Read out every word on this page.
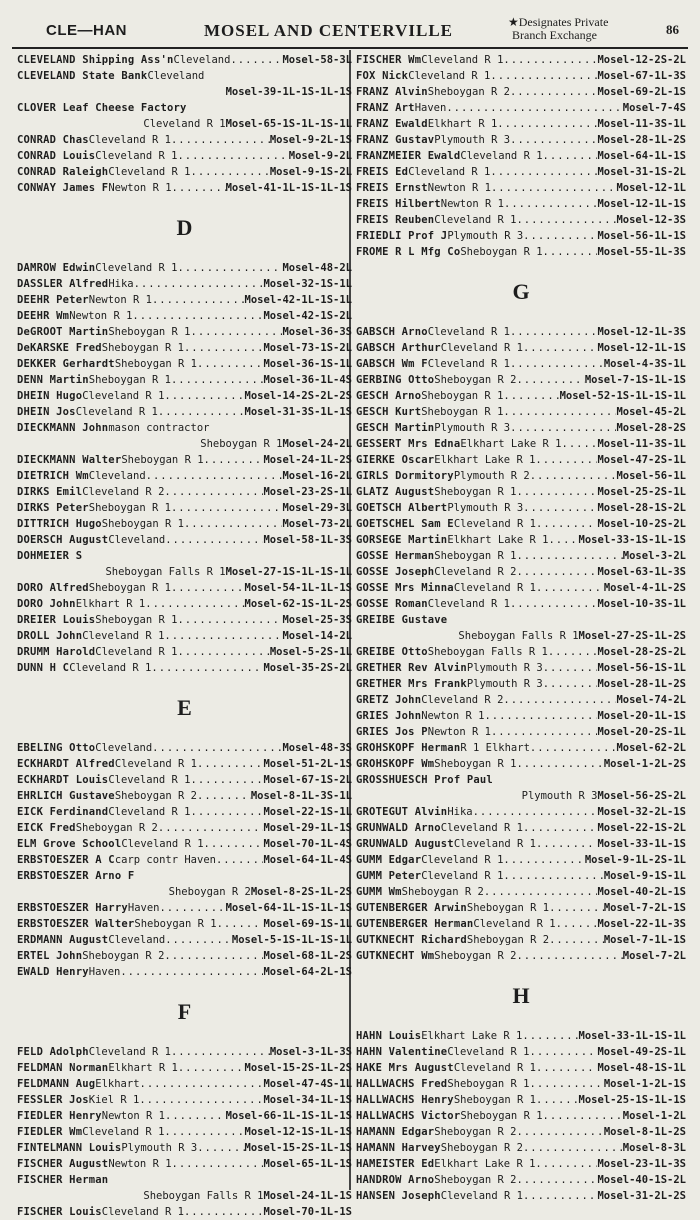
CLE—HAN	MOSEL AND CENTERVILLE	★Designates Private
Branch Exchange	86
CLEVELAND Shipping Ass'n Cleveland .....	Mosel-58-3L
CLEVELAND State Bank Cleveland
Mosel-39-1L-1S-1L-1S
CLOVER Leaf Cheese Factory
Cleveland R 1 Mosel-65-1S-1L-1S-1L
CONRAD Chas Cleveland R 1 .....	Mosel-9-2L-1S
CONRAD Louis Cleveland R 1 .....	Mosel-9-2L
CONRAD Raleigh Cleveland R 1 .....	Mosel-9-1S-2L
CONWAY James F Newton R 1 .....	Mosel-41-1L-1S-1L-1S
D
DAMROW Edwin Cleveland R 1 .....	Mosel-48-2L
DASSLER Alfred Hika .....	Mosel-32-1S-1L
DEEHR Peter Newton R 1 .....	Mosel-42-1L-1S-1L
DEEHR Wm Newton R 1 .....	Mosel-42-1S-2L
DeGROOT Martin Sheboygan R 1 .....	Mosel-36-3S
DeKARSKE Fred Sheboygan R 1 .....	Mosel-73-1S-2L
DEKKER Gerhardt Sheboygan R 1 .....	Mosel-36-1S-1L
DENN Martin Sheboygan R 1 .....	Mosel-36-1L-4S
DHEIN Hugo Cleveland R 1 .....	Mosel-14-2S-2L-2S
DHEIN Jos Cleveland R 1 .....	Mosel-31-3S-1L-1S
DIECKMANN John mason contractor
Sheboygan R 1 Mosel-24-2L
DIECKMANN Walter Sheboygan R 1 .....	Mosel-24-1L-2S
DIETRICH Wm Cleveland .....	Mosel-16-2L
DIRKS Emil Cleveland R 2 .....	Mosel-23-2S-1L
DIRKS Peter Sheboygan R 1 .....	Mosel-29-3L
DITTRICH Hugo Sheboygan R 1 .....	Mosel-73-2L
DOERSCH August Cleveland .....	Mosel-58-1L-3S
DOHMEIER S
Sheboygan Falls R 1 Mosel-27-1S-1L-1S-1L
DORO Alfred Sheboygan R 1 .....	Mosel-54-1L-1L-1S
DORO John Elkhart R 1 .....	Mosel-62-1S-1L-2S
DREIER Louis Sheboygan R 1 .....	Mosel-25-3S
DROLL John Cleveland R 1 .....	Mosel-14-2L
DRUMM Harold Cleveland R 1 .....	Mosel-5-2S-1L
DUNN H C Cleveland R 1 .....	Mosel-35-2S-2L
E
EBELING Otto Cleveland .....	Mosel-48-3S
ECKHARDT Alfred Cleveland R 1 .....	Mosel-51-2L-1S
ECKHARDT Louis Cleveland R 1 .....	Mosel-67-1S-2L
EHRLICH Gustave Sheboygan R 2 .....	Mosel-8-1L-3S-1L
EICK Ferdinand Cleveland R 1 .....	Mosel-22-1S-1L
EICK Fred Sheboygan R 2 .....	Mosel-29-1L-1S
ELM Grove School Cleveland R 1 .....	Mosel-70-1L-4S
ERBSTOESZER A C carp contr Haven .....	Mosel-64-1L-4S
ERBSTOESZER Arno F
Sheboygan R 2 Mosel-8-2S-1L-2S
ERBSTOESZER Harry Haven .....	Mosel-64-1L-1S-1L-1S
ERBSTOESZER Walter Sheboygan R 1 .....	Mosel-69-1S-1L
ERDMANN August Cleveland .....	Mosel-5-1S-1L-1S-1L
ERTEL John Sheboygan R 2 .....	Mosel-68-1L-2S
EWALD Henry Haven .....	Mosel-64-2L-1S
F
FELD Adolph Cleveland R 1 .....	Mosel-3-1L-3S
FELDMAN Norman Elkhart R 1 .....	Mosel-15-2S-1L-2S
FELDMANN Aug Elkhart .....	Mosel-47-4S-1L
FESSLER Jos Kiel R 1 .....	Mosel-34-1L-1S
FIEDLER Henry Newton R 1 .....	Mosel-66-1L-1S-1L-1S
FIEDLER Wm Cleveland R 1 .....	Mosel-12-1S-1L-1S
FINTELMANN Louis Plymouth R 3 .....	Mosel-15-2S-1L-1S
FISCHER August Newton R 1 .....	Mosel-65-1L-1S
FISCHER Herman
Sheboygan Falls R 1 Mosel-24-1L-1S
FISCHER Louis Cleveland R 1 .....	Mosel-70-1L-1S
FISCHER Wm Cleveland R 1 .....	Mosel-12-2S-2L
FOX Nick Cleveland R 1 .....	Mosel-67-1L-3S
FRANZ Alvin Sheboygan R 2 .....	Mosel-69-2L-1S
FRANZ Art Haven .....	Mosel-7-4S
FRANZ Ewald Elkhart R 1 .....	Mosel-11-3S-1L
FRANZ Gustav Plymouth R 3 .....	Mosel-28-1L-2S
FRANZMEIER Ewald Cleveland R 1 .....	Mosel-64-1L-1S
FREIS Ed Cleveland R 1 .....	Mosel-31-1S-2L
FREIS Ernst Newton R 1 .....	Mosel-12-1L
FREIS Hilbert Newton R 1 .....	Mosel-12-1L-1S
FREIS Reuben Cleveland R 1 .....	Mosel-12-3S
FRIEDLI Prof J Plymouth R 3 .....	Mosel-56-1L-1S
FROME R L Mfg Co Sheboygan R 1 .....	Mosel-55-1L-3S
G
GABSCH Arno Cleveland R 1 .....	Mosel-12-1L-3S
GABSCH Arthur Cleveland R 1 .....	Mosel-12-1L-1S
GABSCH Wm F Cleveland R 1 .....	Mosel-4-3S-1L
GERBING Otto Sheboygan R 2 .....	Mosel-7-1S-1L-1S
GESCH Arno Sheboygan R 1 .....	Mosel-52-1S-1L-1S-1L
GESCH Kurt Sheboygan R 1 .....	Mosel-45-2L
GESCH Martin Plymouth R 3 .....	Mosel-28-2S
GESSERT Mrs Edna Elkhart Lake R 1 .....	Mosel-11-3S-1L
GIERKE Oscar Elkhart Lake R 1 .....	Mosel-47-2S-1L
GIRLS Dormitory Plymouth R 2 .....	Mosel-56-1L
GLATZ August Sheboygan R 1 .....	Mosel-25-2S-1L
GOETSCH Albert Plymouth R 3 .....	Mosel-28-1S-2L
GOETSCHEL Sam E Cleveland R 1 .....	Mosel-10-2S-2L
GORSEGE Martin Elkhart Lake R 1 .....	Mosel-33-1S-1L-1S
GOSSE Herman Sheboygan R 1 .....	Mosel-3-2L
GOSSE Joseph Cleveland R 2 .....	Mosel-63-1L-3S
GOSSE Mrs Minna Cleveland R 1 .....	Mosel-4-1L-2S
GOSSE Roman Cleveland R 1 .....	Mosel-10-3S-1L
GREIBE Gustave
Sheboygan Falls R 1 Mosel-27-2S-1L-2S
GREIBE Otto Sheboygan Falls R 1 .....	Mosel-28-2S-2L
GRETHER Rev Alvin Plymouth R 3 .....	Mosel-56-1S-1L
GRETHER Mrs Frank Plymouth R 3 .....	Mosel-28-1L-2S
GRETZ John Cleveland R 2 .....	Mosel-74-2L
GRIES John Newton R 1 .....	Mosel-20-1L-1S
GRIES Jos P Newton R 1 .....	Mosel-20-2S-1L
GROHSKOPF Herman R 1 Elkhart .....	Mosel-62-2L
GROHSKOPF Wm Sheboygan R 1 .....	Mosel-1-2L-2S
GROSSHUESCH Prof Paul
Plymouth R 3 Mosel-56-2S-2L
GROTEGUT Alvin Hika .....	Mosel-32-2L-1S
GRUNWALD Arno Cleveland R 1 .....	Mosel-22-1S-2L
GRUNWALD August Cleveland R 1 .....	Mosel-33-1L-1S
GUMM Edgar Cleveland R 1 .....	Mosel-9-1L-2S-1L
GUMM Peter Cleveland R 1 .....	Mosel-9-1S-1L
GUMM Wm Sheboygan R 2 .....	Mosel-40-2L-1S
GUTENBERGER Arwin Sheboygan R 1 .....	Mosel-7-2L-1S
GUTENBERGER Herman Cleveland R 1 .....	Mosel-22-1L-3S
GUTKNECHT Richard Sheboygan R 2 .....	Mosel-7-1L-1S
GUTKNECHT Wm Sheboygan R 2 .....	Mosel-7-2L
H
HAHN Louis Elkhart Lake R 1 .....	Mosel-33-1L-1S-1L
HAHN Valentine Cleveland R 1 .....	Mosel-49-2S-1L
HAKE Mrs August Cleveland R 1 .....	Mosel-48-1S-1L
HALLWACHS Fred Sheboygan R 1 .....	Mosel-1-2L-1S
HALLWACHS Henry Sheboygan R 1 .....	Mosel-25-1S-1L-1S
HALLWACHS Victor Sheboygan R 1 .....	Mosel-1-2L
HAMANN Edgar Sheboygan R 2 .....	Mosel-8-1L-2S
HAMANN Harvey Sheboygan R 2 .....	Mosel-8-3L
HAMEISTER Ed Elkhart Lake R 1 .....	Mosel-23-1L-3S
HANDROW Arno Sheboygan R 2 .....	Mosel-40-1S-2L
HANSEN Joseph Cleveland R 1 .....	Mosel-31-2L-2S
